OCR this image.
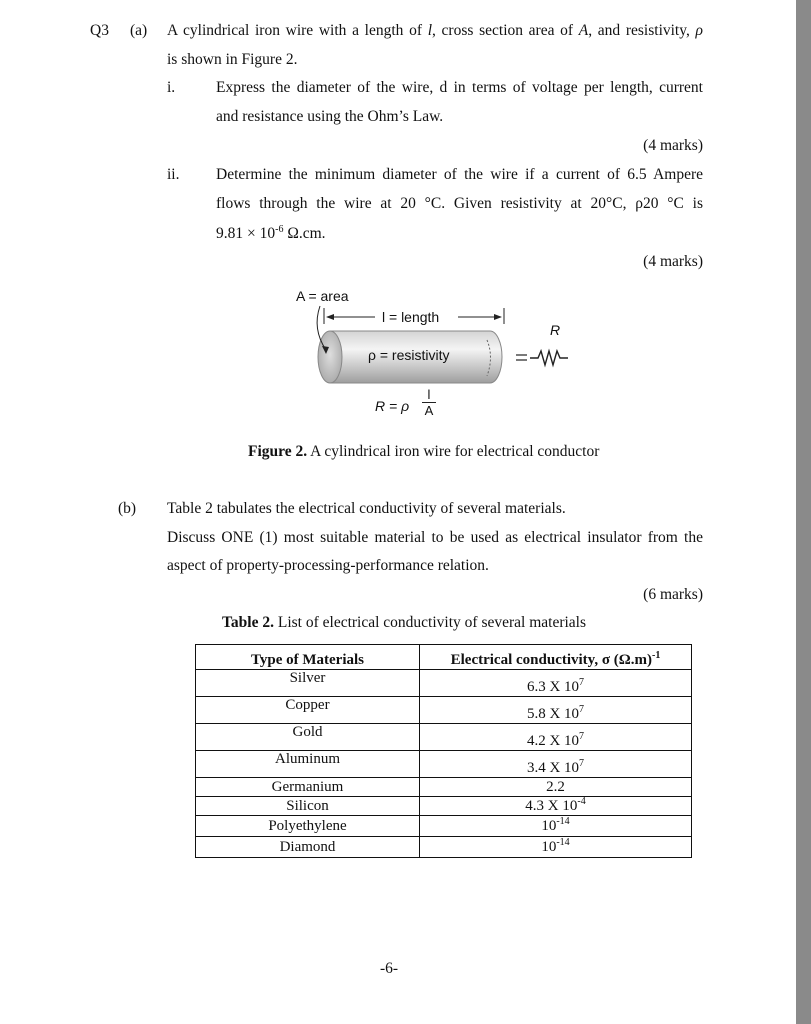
Q3 (a) A cylindrical iron wire with a length of l, cross section area of A, and resistivity, ρ
is shown in Figure 2.
i.	Express the diameter of the wire, d in terms of voltage per length, current
and resistance using the Ohm’s Law.
(4 marks)
ii. Determine the minimum diameter of the wire if a current of 6.5 Ampere
flows through the wire at 20 °C. Given resistivity at 20°C, ρ20 °C is
$9.81 \times 10^{-6}$ Ω.cm.
(4 marks)
A = area
l = length
ρ = resistivity
R
R = ρ $\frac{l}{A}$
Figure 2. A cylindrical iron wire for electrical conductor
(b) Table 2 tabulates the electrical conductivity of several materials.
Discuss ONE (1) most suitable material to be used as electrical insulator from the
aspect of property-processing-performance relation.
(6 marks)
Table 2. List of electrical conductivity of several materials
Type of Materials	Electrical conductivity, σ $(\Omega.m)^{-1}$
Silver	6.3 X $10^7$
Copper	5.8 X $10^7$
Gold	4.2 X $10^7$
Aluminum	3.4 X $10^7$
Germanium	2.2
Silicon	4.3 X $10^{-4}$
Polyethylene	$10^{-14}$
Diamond	$10^{-14}$
-6-
